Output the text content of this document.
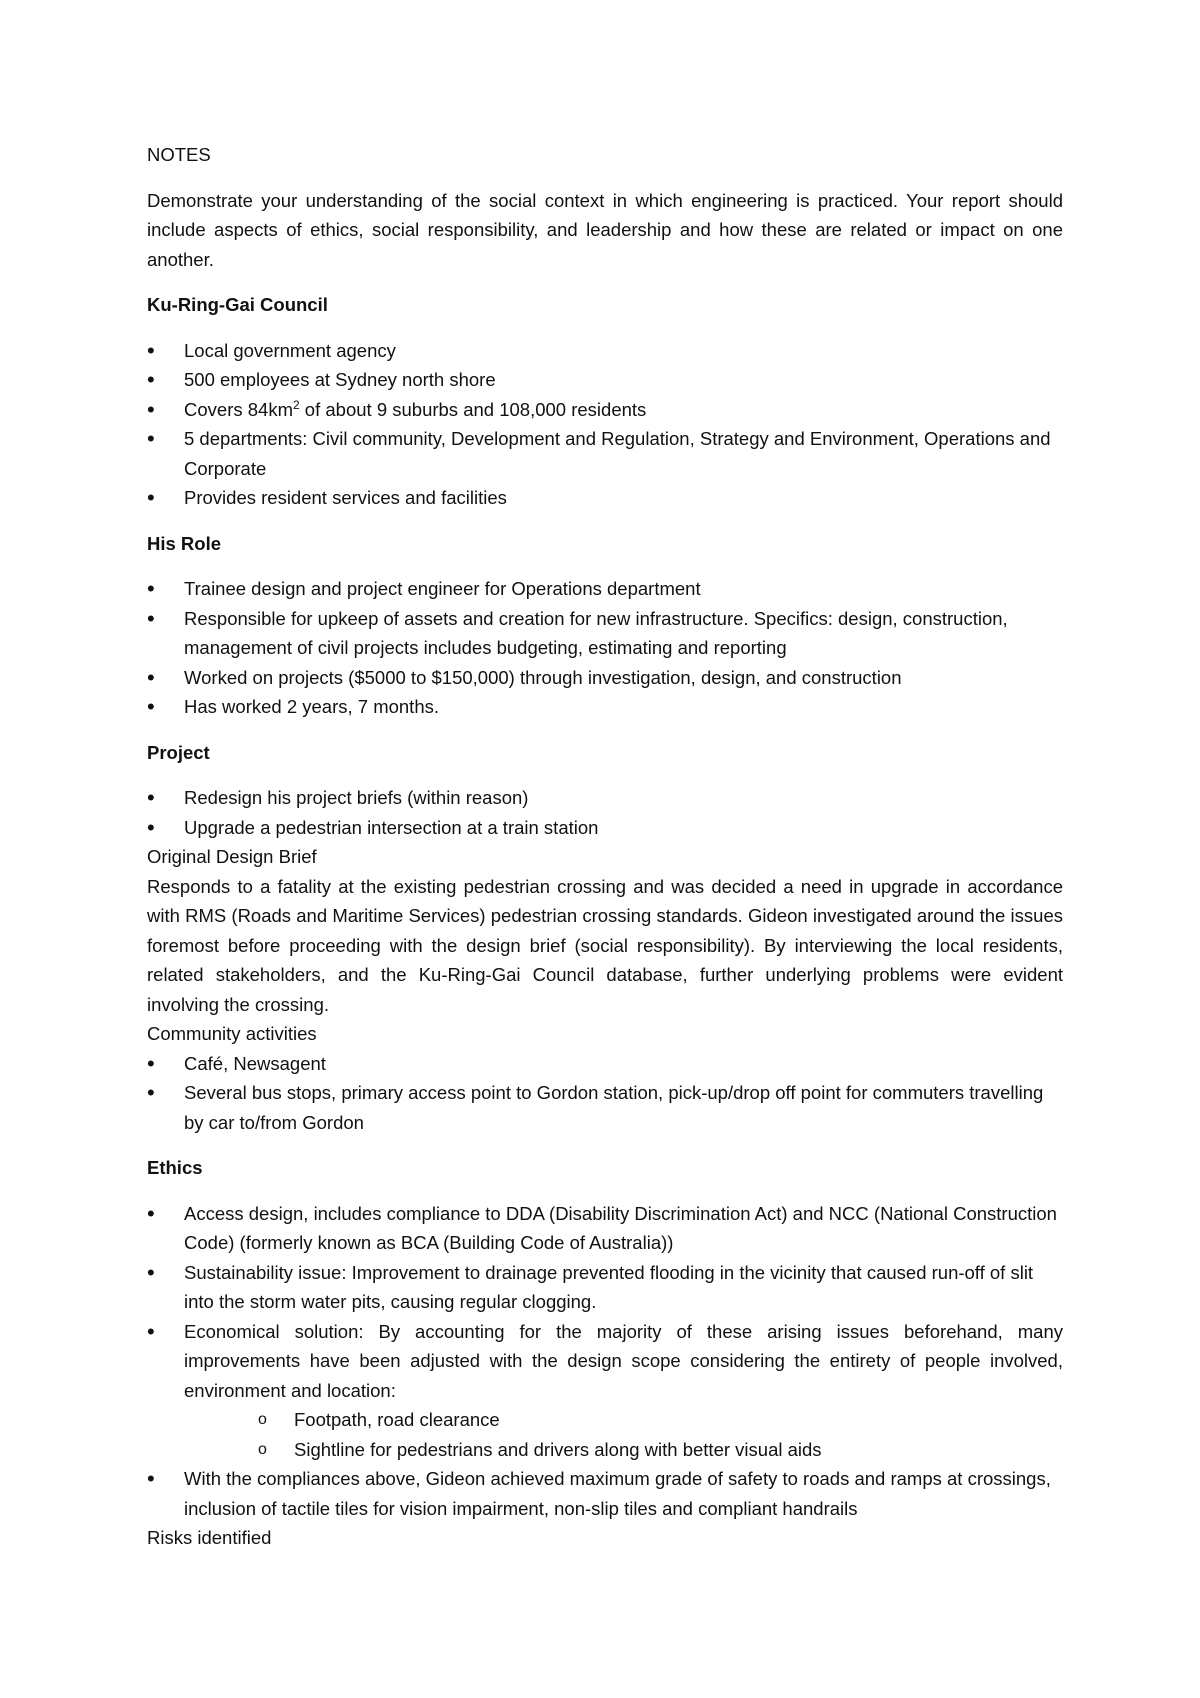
NOTES

Demonstrate your understanding of the social context in which engineering is practiced. Your report should include aspects of ethics, social responsibility, and leadership and how these are related or impact on one another.

Ku-Ring-Gai Council

• Local government agency
• 500 employees at Sydney north shore
• Covers $84km^2$ of about 9 suburbs and 108,000 residents
• 5 departments: Civil community, Development and Regulation, Strategy and Environment, Operations and Corporate
• Provides resident services and facilities

His Role

• Trainee design and project engineer for Operations department
• Responsible for upkeep of assets and creation for new infrastructure. Specifics: design, construction, management of civil projects includes budgeting, estimating and reporting
• Worked on projects ($5000 to $150,000) through investigation, design, and construction
• Has worked 2 years, 7 months.

Project

• Redesign his project briefs (within reason)
• Upgrade a pedestrian intersection at a train station

Original Design Brief

Responds to a fatality at the existing pedestrian crossing and was decided a need in upgrade in accordance with RMS (Roads and Maritime Services) pedestrian crossing standards. Gideon investigated around the issues foremost before proceeding with the design brief (social responsibility). By interviewing the local residents, related stakeholders, and the Ku-Ring-Gai Council database, further underlying problems were evident involving the crossing.

Community activities

• Café, Newsagent
• Several bus stops, primary access point to Gordon station, pick-up/drop off point for commuters travelling by car to/from Gordon

Ethics

• Access design, includes compliance to DDA (Disability Discrimination Act) and NCC (National Construction Code) (formerly known as BCA (Building Code of Australia))
• Sustainability issue: Improvement to drainage prevented flooding in the vicinity that caused run-off of slit into the storm water pits, causing regular clogging.
• Economical solution: By accounting for the majority of these arising issues beforehand, many improvements have been adjusted with the design scope considering the entirety of people involved, environment and location:
o Footpath, road clearance
o Sightline for pedestrians and drivers along with better visual aids
• With the compliances above, Gideon achieved maximum grade of safety to roads and ramps at crossings, inclusion of tactile tiles for vision impairment, non-slip tiles and compliant handrails

Risks identified
